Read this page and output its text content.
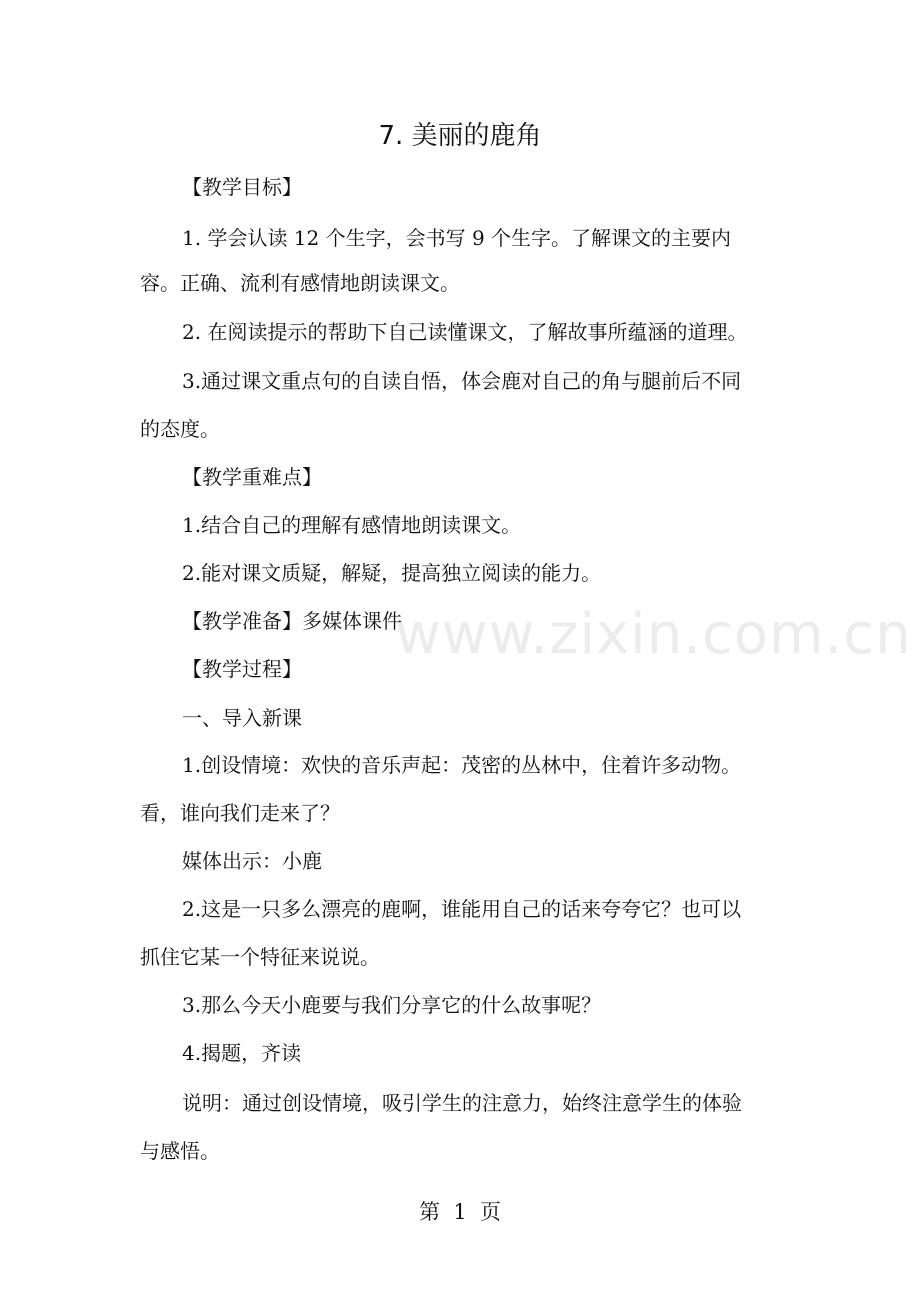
7. 美丽的鹿角
【教学目标】
1. 学会认读 12 个生字，会书写 9 个生字。了解课文的主要内
容。正确、流利有感情地朗读课文。
2. 在阅读提示的帮助下自己读懂课文，了解故事所蕴涵的道理。
3.通过课文重点句的自读自悟，体会鹿对自己的角与腿前后不同
的态度。
【教学重难点】
1.结合自己的理解有感情地朗读课文。
2.能对课文质疑，解疑，提高独立阅读的能力。
【教学准备】多媒体课件
【教学过程】
一、导入新课
1.创设情境：欢快的音乐声起：茂密的丛林中，住着许多动物。
看，谁向我们走来了？
媒体出示：小鹿
2.这是一只多么漂亮的鹿啊，谁能用自己的话来夸夸它？也可以
抓住它某一个特征来说说。
3.那么今天小鹿要与我们分享它的什么故事呢？
4.揭题，齐读
说明：通过创设情境，吸引学生的注意力，始终注意学生的体验
与感悟。
www.zixin.com.cn
第  1  页
